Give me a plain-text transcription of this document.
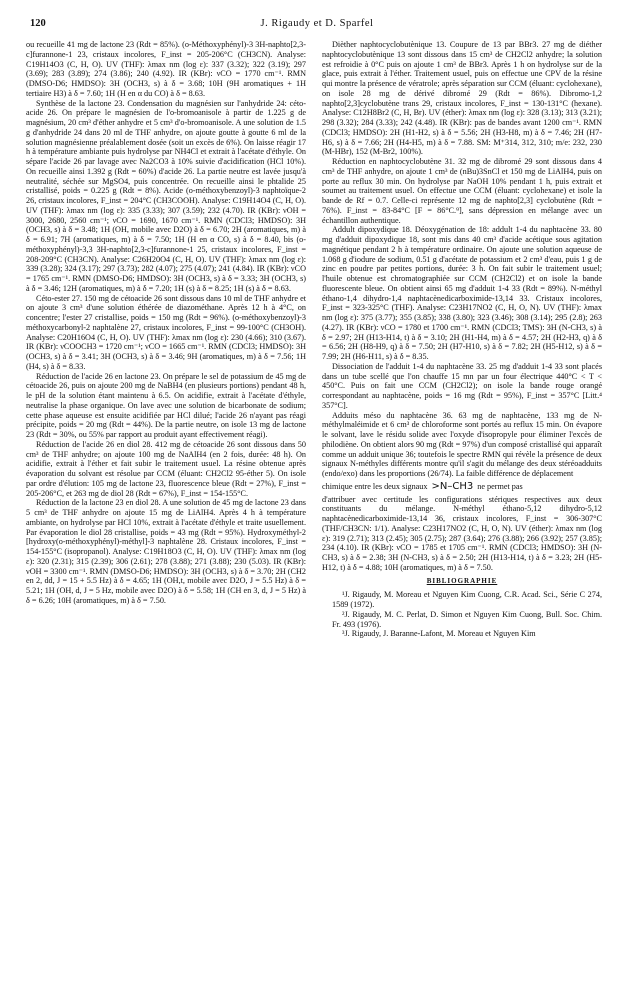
120	J. Rigaudy et D. Sparfel

ou recueille 41 mg de lactone 23 (Rdt = 85%). (o-Méthoxyphényl)-3 3H-naphto[2,3-c]furannone-1 23, cristaux incolores, F_inst = 205-206°C (CH3CN). Analyse: C19H14O3 (C, H, O). UV (THF): λmax nm (log ε): 337 (3.32); 322 (3.19); 297 (3.69); 283 (3.89); 274 (3.86); 240 (4.92). IR (KBr): νCO = 1770 cm⁻¹. RMN (DMSO-D6; HMDSO): 3H (OCH3, s) à δ = 3.68; 10H (9H aromatiques + 1H tertiaire H3) à δ = 7.60; 1H (H en α du CO) à δ = 8.63.

Synthèse de la lactone 23. Condensation du magnésien sur l'anhydride 24: céto-acide 26. On prépare le magnésien de l'o-bromoanisole à partir de 1.225 g de magnésium, 20 cm³ d'éther anhydre et 5 cm³ d'o-bromoanisole. A une solution de 1.5 g d'anhydride 24 dans 20 ml de THF anhydre, on ajoute goutte à goutte 6 ml de la solution magnésienne préalablement dosée (soit un excès de 6%). On laisse réagir 17 h à température ambiante puis hydrolyse par NH4Cl et extrait à l'acétate d'éthyle. On sépare l'acide 26 par lavage avec Na2CO3 à 10% suivie d'acidification (HCl 10%). On recueille ainsi 1.392 g (Rdt = 60%) d'acide 26. La partie neutre est lavée jusqu'à neutralité, séchée sur MgSO4, puis concentrée. On recueille ainsi le phtalide 25 cristallisé, poids = 0.225 g (Rdt = 8%). Acide (o-méthoxybenzoyl)-3 naphtoïque-2 26, cristaux incolores, F_inst = 204°C (CH3COOH). Analyse: C19H14O4 (C, H, O). UV (THF): λmax nm (log ε): 335 (3.33); 307 (3.59); 232 (4.70). IR (KBr): νOH = 3000, 2680, 2560 cm⁻¹; νCO = 1690, 1670 cm⁻¹. RMN (CDCl3; HMDSO): 3H (OCH3, s) à δ = 3.48; 1H (OH, mobile avec D2O) à δ = 6.70; 2H (aromatiques, m) à δ = 6.91; 7H (aromatiques, m) à δ = 7.50; 1H (H en α CO, s) à δ = 8.40, bis (o-méthoxyphényl)-3,3 3H-naphto[2,3-c]furannone-1 25, cristaux incolores, F_inst = 208-209°C (CH3CN). Analyse: C26H20O4 (C, H, O). UV (THF): λmax nm (log ε): 339 (3.28); 324 (3.17); 297 (3.73); 282 (4.07); 275 (4.07); 241 (4.84). IR (KBr): νCO = 1765 cm⁻¹. RMN (DMSO-D6; HMDSO): 3H (OCH3, s) à δ = 3.33; 3H (OCH3, s) à δ = 3.46; 12H (aromatiques, m) à δ = 7.20; 1H (s) à δ = 8.25; 1H (s) à δ = 8.63.

Céto-ester 27. 150 mg de cétoacide 26 sont dissous dans 10 ml de THF anhydre et on ajoute 3 cm³ d'une solution éthérée de diazométhane. Après 12 h à 4°C, on concentre; l'ester 27 cristallise, poids = 150 mg (Rdt = 96%). (o-méthoxybenzoyl)-3 méthoxycarbonyl-2 naphtalène 27, cristaux incolores, F_inst = 99-100°C (CH3OH). Analyse: C20H16O4 (C, H, O). UV (THF): λmax nm (log ε): 230 (4.66); 310 (3.67). IR (KBr): νCOOCH3 = 1720 cm⁻¹; νCO = 1665 cm⁻¹. RMN (CDCl3; HMDSO): 3H (OCH3, s) à δ = 3.41; 3H (OCH3, s) à δ = 3.46; 9H (aromatiques, m) à δ = 7.56; 1H (H4, s) à δ = 8.33.

Réduction de l'acide 26 en lactone 23. On prépare le sel de potassium de 45 mg de cétoacide 26, puis on ajoute 200 mg de NaBH4 (en plusieurs portions) pendant 48 h, le pH de la solution étant maintenu à 6.5. On acidifie, extrait à l'acétate d'éthyle, neutralise la phase organique. On lave avec une solution de bicarbonate de sodium; cette phase aqueuse est ensuite acidifiée par HCl dilué; l'acide 26 n'ayant pas réagi précipite, poids = 20 mg (Rdt = 44%). De la partie neutre, on isole 13 mg de lactone 23 (Rdt = 30%, ou 55% par rapport au produit ayant effectivement réagi).

Réduction de l'acide 26 en diol 28. 412 mg de cétoacide 26 sont dissous dans 50 cm³ de THF anhydre; on ajoute 100 mg de NaAlH4 (en 2 fois, durée: 48 h). On acidifie, extrait à l'éther et fait subir le traitement usuel. La résine obtenue après évaporation du solvant est résolue par CCM (éluant: CH2Cl2 95-éther 5). On isole par ordre d'élution: 105 mg de lactone 23, fluorescence bleue (Rdt = 27%), F_inst = 205-206°C, et 263 mg de diol 28 (Rdt = 67%), F_inst = 154-155°C.

Réduction de la lactone 23 en diol 28. A une solution de 45 mg de lactone 23 dans 5 cm³ de THF anhydre on ajoute 15 mg de LiAlH4. Après 4 h à température ambiante, on hydrolyse par HCl 10%, extrait à l'acétate d'éthyle et traite usuellement. Par évaporation le diol 28 cristallise, poids = 43 mg (Rdt = 95%). Hydroxyméthyl-2 [hydroxy(o-méthoxyphényl)-méthyl]-3 naphtalène 28. Cristaux incolores, F_inst = 154-155°C (isopropanol). Analyse: C19H18O3 (C, H, O). UV (THF): λmax nm (log ε): 320 (2.31); 315 (2.39); 306 (2.61); 278 (3.88); 271 (3.88); 230 (5.03). IR (KBr): νOH = 3300 cm⁻¹. RMN (DMSO-D6; HMDSO): 3H (OCH3, s) à δ = 3.70; 2H (CH2 en 2, dd, J = 15 + 5.5 Hz) à δ = 4.65; 1H (OH,t, mobile avec D2O, J = 5.5 Hz) à δ = 5.21; 1H (OH, d, J = 5 Hz, mobile avec D2O) à δ = 5.58; 1H (CH en 3, d, J = 5 Hz) à δ = 6.26; 10H (aromatiques, m) à δ = 7.50.

Dièther naphtocyclobutènique 13. Coupure de 13 par BBr3. 27 mg de diéther naphtocyclobutènique 13 sont dissous dans 15 cm³ de CH2Cl2 anhydre; la solution est refroidie à 0°C puis on ajoute 1 cm³ de BBr3. Après 1 h on hydrolyse sur de la glace, puis extrait à l'éther. Traitement usuel, puis on effectue une CPV de la résine qui montre la présence de vératrole; après séparation sur CCM (éluant: cyclohexane), on isole 28 mg de dérivé dibromé 29 (Rdt = 86%). Dibromo-1,2 naphto[2,3]cyclobutène trans 29, cristaux incolores, F_inst = 130-131°C (hexane). Analyse: C12H8Br2 (C, H, Br). UV (éther): λmax nm (log ε): 328 (3.13); 313 (3.21); 298 (3.32); 284 (3.33); 242 (4.48). IR (KBr): pas de bandes avant 1200 cm⁻¹. RMN (CDCl3; HMDSO): 2H (H1-H2, s) à δ = 5.56; 2H (H3-H8, m) à δ = 7.46; 2H (H7-H6, s) à δ = 7.66; 2H (H4-H5, m) à δ = 7.88. SM: M⁺314, 312, 310; m/e: 232, 230 (M-HBr), 152 (M-Br2, 100%).

Réduction en naphtocyclobutène 31. 32 mg de dibromé 29 sont dissous dans 4 cm³ de THF anhydre, on ajoute 1 cm³ de (nBu)3SnCl et 150 mg de LiAlH4, puis on porte au reflux 30 min. On hydrolyse par NaOH 10% pendant 1 h, puis extrait et soumet au traitement usuel. On effectue une CCM (éluant: cyclohexane) et isole la bande de Rf = 0.7. Celle-ci représente 12 mg de naphto[2,3] cyclobutène (Rdt = 76%). F_inst = 83-84°C [F = 86°C.⁹], sans dépression en mélange avec un échantillon authentique.

Addult dipoxydique 18. Déoxygénation de 18: addult 1-4 du naphtacène 33. 80 mg d'adduit dipoxydique 18, sont mis dans 40 cm³ d'acide acétique sous agitation magnétique pendant 2 h à température ordinaire. On ajoute une solution aqueuse de 1.068 g d'iodure de sodium, 0.51 g d'acétate de potassium et 2 cm³ d'eau, puis 1 g de zinc en poudre par petites portions, durée: 3 h. On fait subir le traitement usuel; l'huile obtenue est chromatographiée sur CCM (CH2Cl2) et on isole la bande fluorescente bleue. On obtient ainsi 65 mg d'adduit 1-4 33 (Rdt = 89%). N-méthyl éthano-1,4 dihydro-1,4 naphtacènedicarboximide-13,14 33. Cristaux incolores, F_inst = 323-325°C (THF). Analyse: C23H17NO2 (C, H, O, N). UV (THF): λmax nm (log ε): 375 (3.77); 355 (3.85); 338 (3.80); 323 (3.46); 308 (3.14); 295 (2.8); 263 (4.27). IR (KBr): νCO = 1780 et 1700 cm⁻¹. RMN (CDCl3; TMS): 3H (N-CH3, s) à δ = 2.97; 2H (H13-H14, t) à δ = 3.10; 2H (H1-H4, m) à δ = 4.57; 2H (H2-H3, q) à δ = 6.56; 2H (H8-H9, q) à δ = 7.50; 2H (H7-H10, s) à δ = 7.82; 2H (H5-H12, s) à δ = 7.99; 2H (H6-H11, s) à δ = 8.35.

Dissociation de l'adduit 1-4 du naphtacène 33. 25 mg d'adduit 1-4 33 sont placés dans un tube scellé que l'on chauffe 15 mn par un four électrique 440°C < T < 450°C. Puis on fait une CCM (CH2Cl2); on isole la bande rouge orangé correspondant au naphtacène, poids = 16 mg (Rdt = 95%), F_inst = 357°C [Litt.⁴ 357°C].

Adduits méso du naphtacène 36. 63 mg de naphtacène, 133 mg de N-méthylmaléimide et 6 cm³ de chloroforme sont portés au reflux 15 min. On évapore le solvant, lave le résidu solide avec l'oxyde d'isopropyle pour éliminer l'excès de philodiène. On obtient alors 90 mg (Rdt = 97%) d'un composé cristallisé qui apparaît comme un adduit unique 36; toutefois le spectre RMN qui révèle la présence de deux signaux N-méthyles différents montre qu'il s'agit du mélange des deux stéréoadduits (endo/exo) dans les proportions (26/74). La faible différence de déplacement

chimique entre les deux signaux >N–CH3 ne permet pas

d'attribuer avec certitude les configurations stériques respectives aux deux constituants du mélange. N-méthyl éthano-5,12 dihydro-5,12 naphtacènedicarboximide-13,14 36, cristaux incolores, F_inst = 306-307°C (THF/CH3CN: 1/1). Analyse: C23H17NO2 (C, H, O, N). UV (éther): λmax nm (log ε): 319 (2.71); 313 (2.45); 305 (2.75); 287 (3.64); 276 (3.88); 266 (3.92); 257 (3.85); 234 (4.10). IR (KBr): νCO = 1785 et 1705 cm⁻¹. RMN (CDCl3; HMDSO): 3H (N-CH3, s) à δ = 2.38; 3H (N-CH3, s) à δ = 2.50; 2H (H13-H14, t) à δ = 3.23; 2H (H5-H12, t) à δ = 4.88; 10H (aromatiques, m) à δ = 7.50.

BIBLIOGRAPHIE

¹J. Rigaudy, M. Moreau et Nguyen Kim Cuong, C.R. Acad. Sci., Série C 274, 1589 (1972).

²J. Rigaudy, M. C. Perlat, D. Simon et Nguyen Kim Cuong, Bull. Soc. Chim. Fr. 493 (1976).

³J. Rigaudy, J. Baranne-Lafont, M. Moreau et Nguyen Kim
